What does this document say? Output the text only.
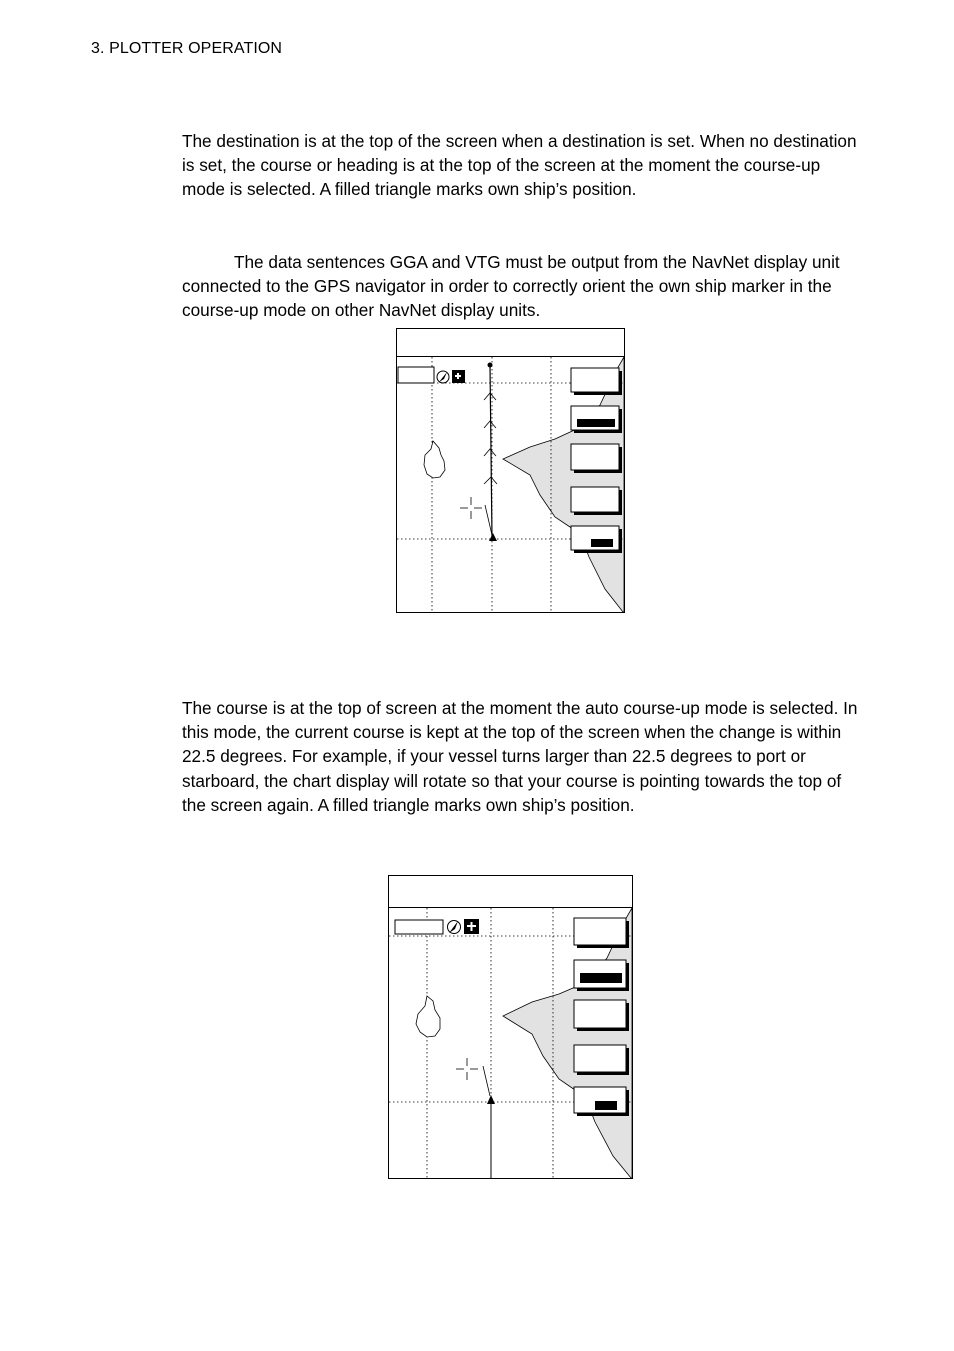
3. PLOTTER OPERATION

The destination is at the top of the screen when a destination is set. When no destination is set, the course or heading is at the top of the screen at the moment the course-up mode is selected. A filled triangle marks own ship’s position.

The data sentences GGA and VTG must be output from the NavNet display unit connected to the GPS navigator in order to correctly orient the own ship marker in the course-up mode on other NavNet display units.

The course is at the top of screen at the moment the auto course-up mode is selected. In this mode, the current course is kept at the top of the screen when the change is within 22.5 degrees. For example, if your vessel turns larger than 22.5 degrees to port or starboard, the chart display will rotate so that your course is pointing towards the top of the screen again. A filled triangle marks own ship’s position.
